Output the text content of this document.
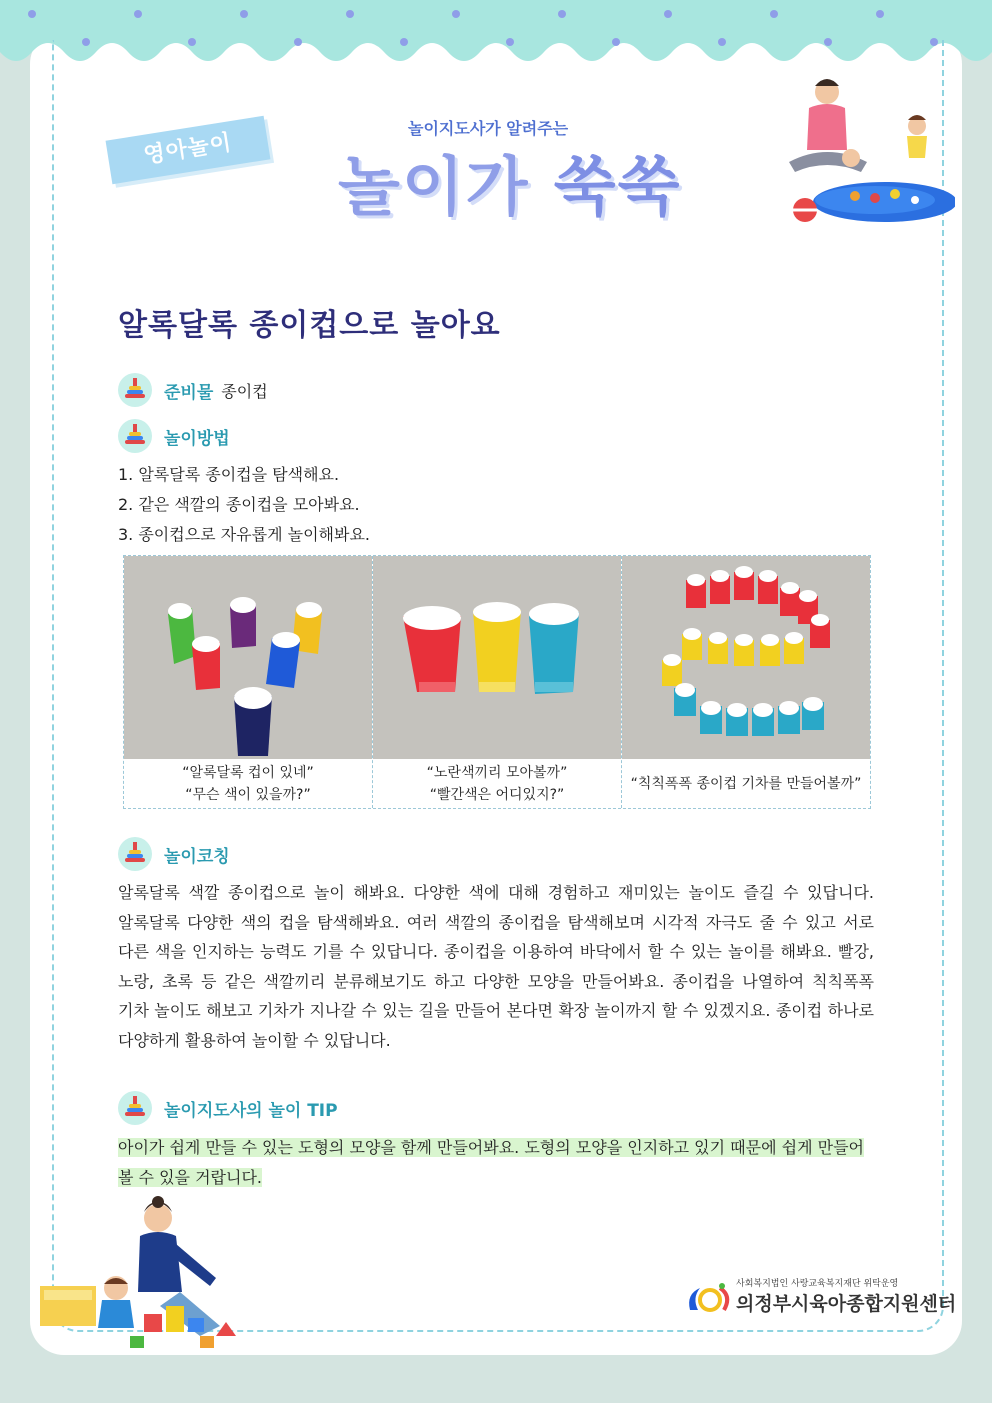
영아놀이
놀이지도사가 알려주는
놀이가 쑥쑥
알록달록 종이컵으로 놀아요
준비물 종이컵
놀이방법
1. 알록달록 종이컵을 탐색해요.
2. 같은 색깔의 종이컵을 모아봐요.
3. 종이컵으로 자유롭게 놀이해봐요.
“알록달록 컵이 있네”
“무슨 색이 있을까?”
“노란색끼리 모아볼까”
“빨간색은 어디있지?”
“칙칙폭폭 종이컵 기차를 만들어볼까”
놀이코칭
알록달록 색깔 종이컵으로 놀이 해봐요. 다양한 색에 대해 경험하고 재미있는 놀이도 즐길 수 있답니다. 알록달록 다양한 색의 컵을 탐색해봐요. 여러 색깔의 종이컵을 탐색해보며 시각적 자극도 줄 수 있고 서로 다른 색을 인지하는 능력도 기를 수 있답니다. 종이컵을 이용하여 바닥에서 할 수 있는 놀이를 해봐요. 빨강, 노랑, 초록 등 같은 색깔끼리 분류해보기도 하고 다양한 모양을 만들어봐요. 종이컵을 나열하여 칙칙폭폭 기차 놀이도 해보고 기차가 지나갈 수 있는 길을 만들어 본다면 확장 놀이까지 할 수 있겠지요. 종이컵 하나로 다양하게 활용하여 놀이할 수 있답니다.
놀이지도사의 놀이 TIP
아이가 쉽게 만들 수 있는 도형의 모양을 함께 만들어봐요. 도형의 모양을 인지하고 있기 때문에 쉽게 만들어 볼 수 있을 거랍니다.
사회복지법인 사랑교육복지재단 위탁운영
의정부시육아종합지원센터
